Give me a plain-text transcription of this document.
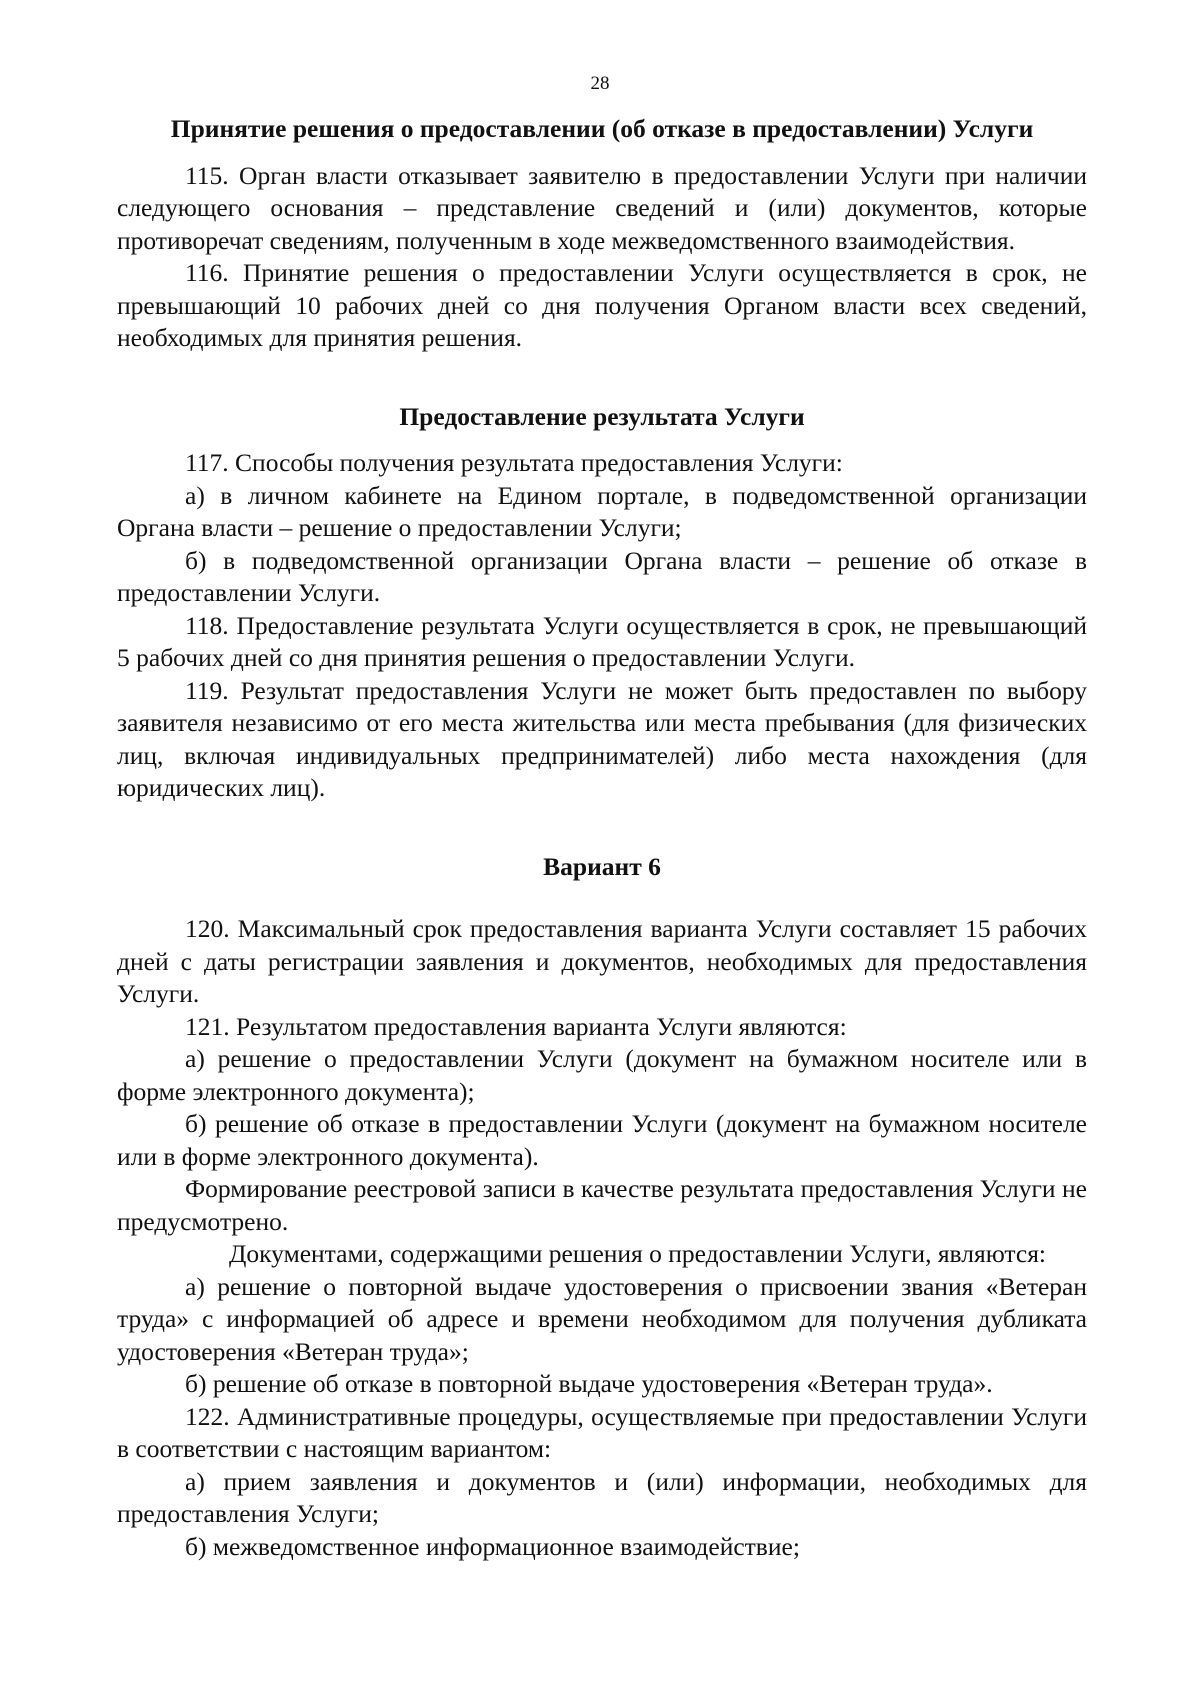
28
Принятие решения о предоставлении (об отказе в предоставлении) Услуги

115. Орган власти отказывает заявителю в предоставлении Услуги при наличии следующего основания – представление сведений и (или) документов, которые противоречат сведениям, полученным в ходе межведомственного взаимодействия.

116. Принятие решения о предоставлении Услуги осуществляется в срок, не превышающий 10 рабочих дней со дня получения Органом власти всех сведений, необходимых для принятия решения.

Предоставление результата Услуги

117. Способы получения результата предоставления Услуги:

а) в личном кабинете на Едином портале, в подведомственной организации Органа власти – решение о предоставлении Услуги;

б) в подведомственной организации Органа власти – решение об отказе в предоставлении Услуги.

118. Предоставление результата Услуги осуществляется в срок, не превышающий 5 рабочих дней со дня принятия решения о предоставлении Услуги.

119. Результат предоставления Услуги не может быть предоставлен по выбору заявителя независимо от его места жительства или места пребывания (для физических лиц, включая индивидуальных предпринимателей) либо места нахождения (для юридических лиц).

Вариант 6

120. Максимальный срок предоставления варианта Услуги составляет 15 рабочих дней с даты регистрации заявления и документов, необходимых для предоставления Услуги.

121. Результатом предоставления варианта Услуги являются:

а) решение о предоставлении Услуги (документ на бумажном носителе или в форме электронного документа);

б) решение об отказе в предоставлении Услуги (документ на бумажном носителе или в форме электронного документа).

Формирование реестровой записи в качестве результата предоставления Услуги не предусмотрено.

Документами, содержащими решения о предоставлении Услуги, являются:

а) решение о повторной выдаче удостоверения о присвоении звания «Ветеран труда» с информацией об адресе и времени необходимом для получения дубликата удостоверения «Ветеран труда»;

б) решение об отказе в повторной выдаче удостоверения «Ветеран труда».

122. Административные процедуры, осуществляемые при предоставлении Услуги в соответствии с настоящим вариантом:

а) прием заявления и документов и (или) информации, необходимых для предоставления Услуги;

б) межведомственное информационное взаимодействие;
